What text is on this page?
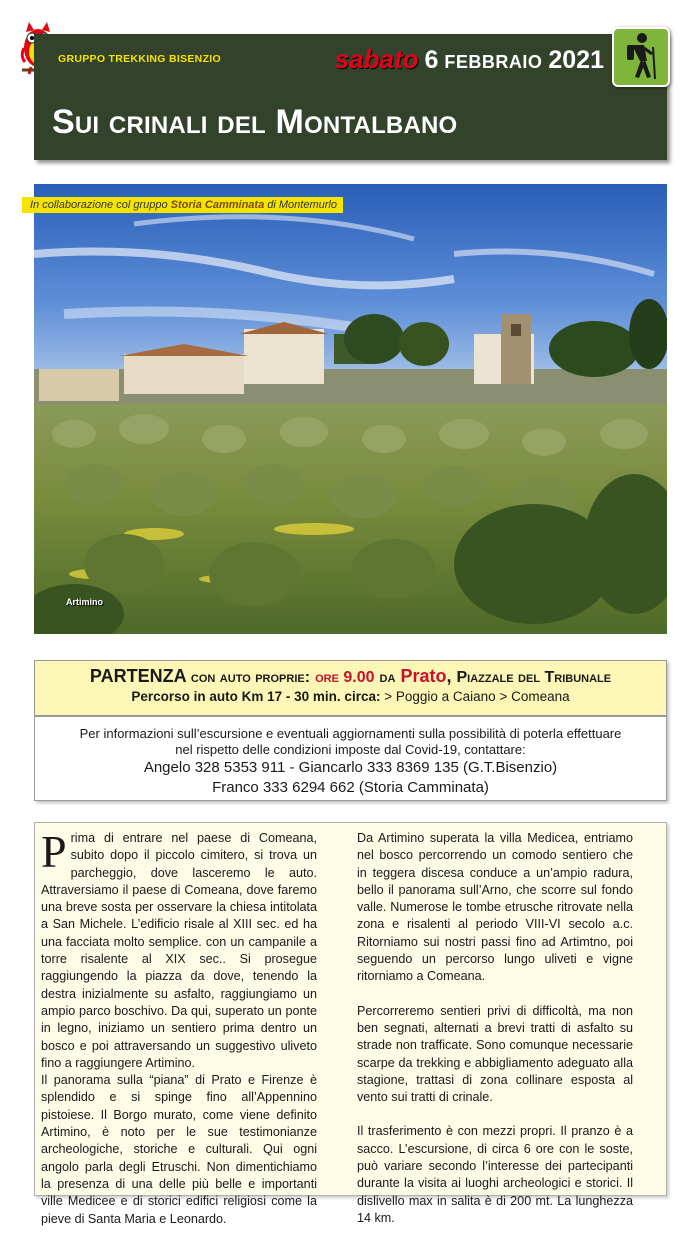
GRUPPO TREKKING BISENZIO	sabato 6 FEBBRAIO 2021
Sui crinali del Montalbano
In collaborazione col gruppo Storia Camminata di Montemurlo
Artimino
PARTENZA con auto proprie: ore 9.00 da Prato, Piazzale del Tribunale
Percorso in auto Km 17 - 30 min. circa: > Poggio a Caiano > Comeana
Per informazioni sull’escursione e eventuali aggiornamenti sulla possibilità di poterla effettuare
nel rispetto delle condizioni imposte dal Covid-19, contattare:
Angelo 328 5353 911 - Giancarlo 333 8369 135 (G.T.Bisenzio)
Franco 333 6294 662 (Storia Camminata)

Prima di entrare nel paese di Comeana, subito dopo il piccolo cimitero, si trova un parcheggio, dove lasceremo le auto. Attraversiamo il paese di Comeana, dove faremo una breve sosta per osservare la chiesa intitolata a San Michele. L’edificio risale al XIII sec. ed ha una facciata molto semplice. con un campanile a torre risalente al XIX sec.. Si prosegue raggiungendo la piazza da dove, tenendo la destra inizialmente su asfalto, raggiungiamo un ampio parco boschivo. Da qui, superato un ponte in legno, iniziamo un sentiero prima dentro un bosco e poi attraversando un suggestivo uliveto fino a raggiungere Artimino.

Il panorama sulla “piana” di Prato e Firenze è splendido e si spinge fino all’Appennino pistoiese. Il Borgo murato, come viene definito Artimino, è noto per le sue testimonianze archeologiche, storiche e culturali. Qui ogni angolo parla degli Etruschi. Non dimentichiamo la presenza di una delle più belle e importanti ville Medicee e di storici edifici religiosi come la pieve di Santa Maria e Leonardo.

Da Artimino superata la villa Medicea, entriamo nel bosco percorrendo un comodo sentiero che in teggera discesa conduce a un’ampio radura, bello il panorama sull’Arno, che scorre sul fondo valle. Numerose le tombe etrusche ritrovate nella zona e risalenti al periodo VIII-VI secolo a.c. Ritorniamo sui nostri passi fino ad Artimtno, poi seguendo un percorso lungo uliveti e vigne ritorniamo a Comeana.

Percorreremo sentieri privi di difficoltà, ma non ben segnati, alternati a brevi tratti di asfalto su strade non trafficate. Sono comunque necessarie scarpe da trekking e abbigliamento adeguato alla stagione, trattasi di zona collinare esposta al vento sui tratti di crinale.

Il trasferimento è con mezzi propri. Il pranzo è a sacco. L’escursione, di circa 6 ore con le soste, può variare secondo l’interesse dei partecipanti durante la visita ai luoghi archeologici e storici. Il dislivello max in salita è di 200 mt. La lunghezza 14 km.
